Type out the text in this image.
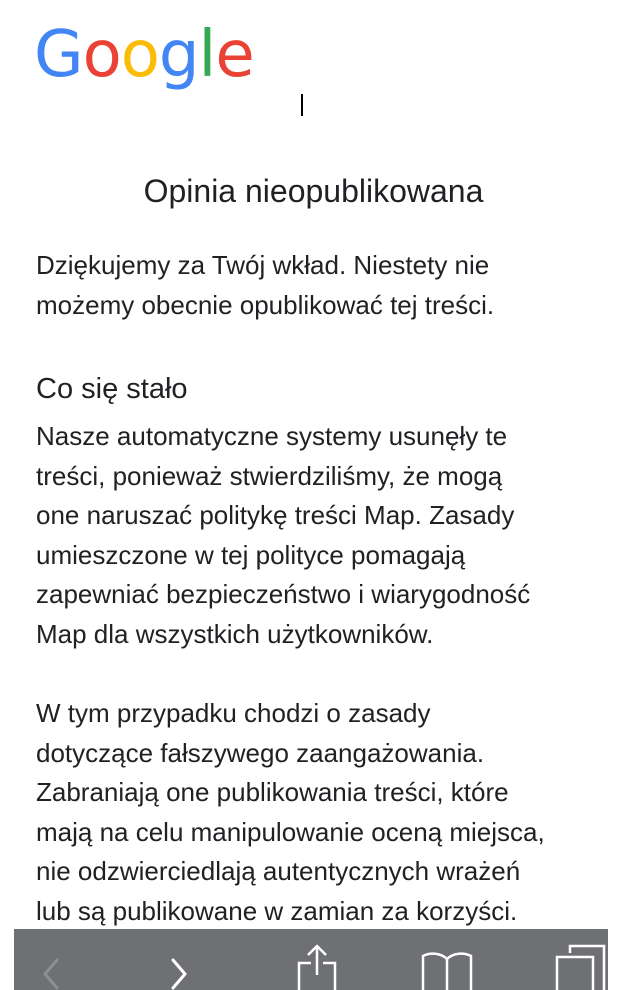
Google
Opinia nieopublikowana

Dziękujemy za Twój wkład. Niestety nie
możemy obecnie opublikować tej treści.

Co się stało

Nasze automatyczne systemy usunęły te
treści, ponieważ stwierdziliśmy, że mogą
one naruszać politykę treści Map. Zasady
umieszczone w tej polityce pomagają
zapewniać bezpieczeństwo i wiarygodność
Map dla wszystkich użytkowników.

W tym przypadku chodzi o zasady
dotyczące fałszywego zaangażowania.
Zabraniają one publikowania treści, które
mają na celu manipulowanie oceną miejsca,
nie odzwierciedlają autentycznych wrażeń
lub są publikowane w zamian za korzyści.
